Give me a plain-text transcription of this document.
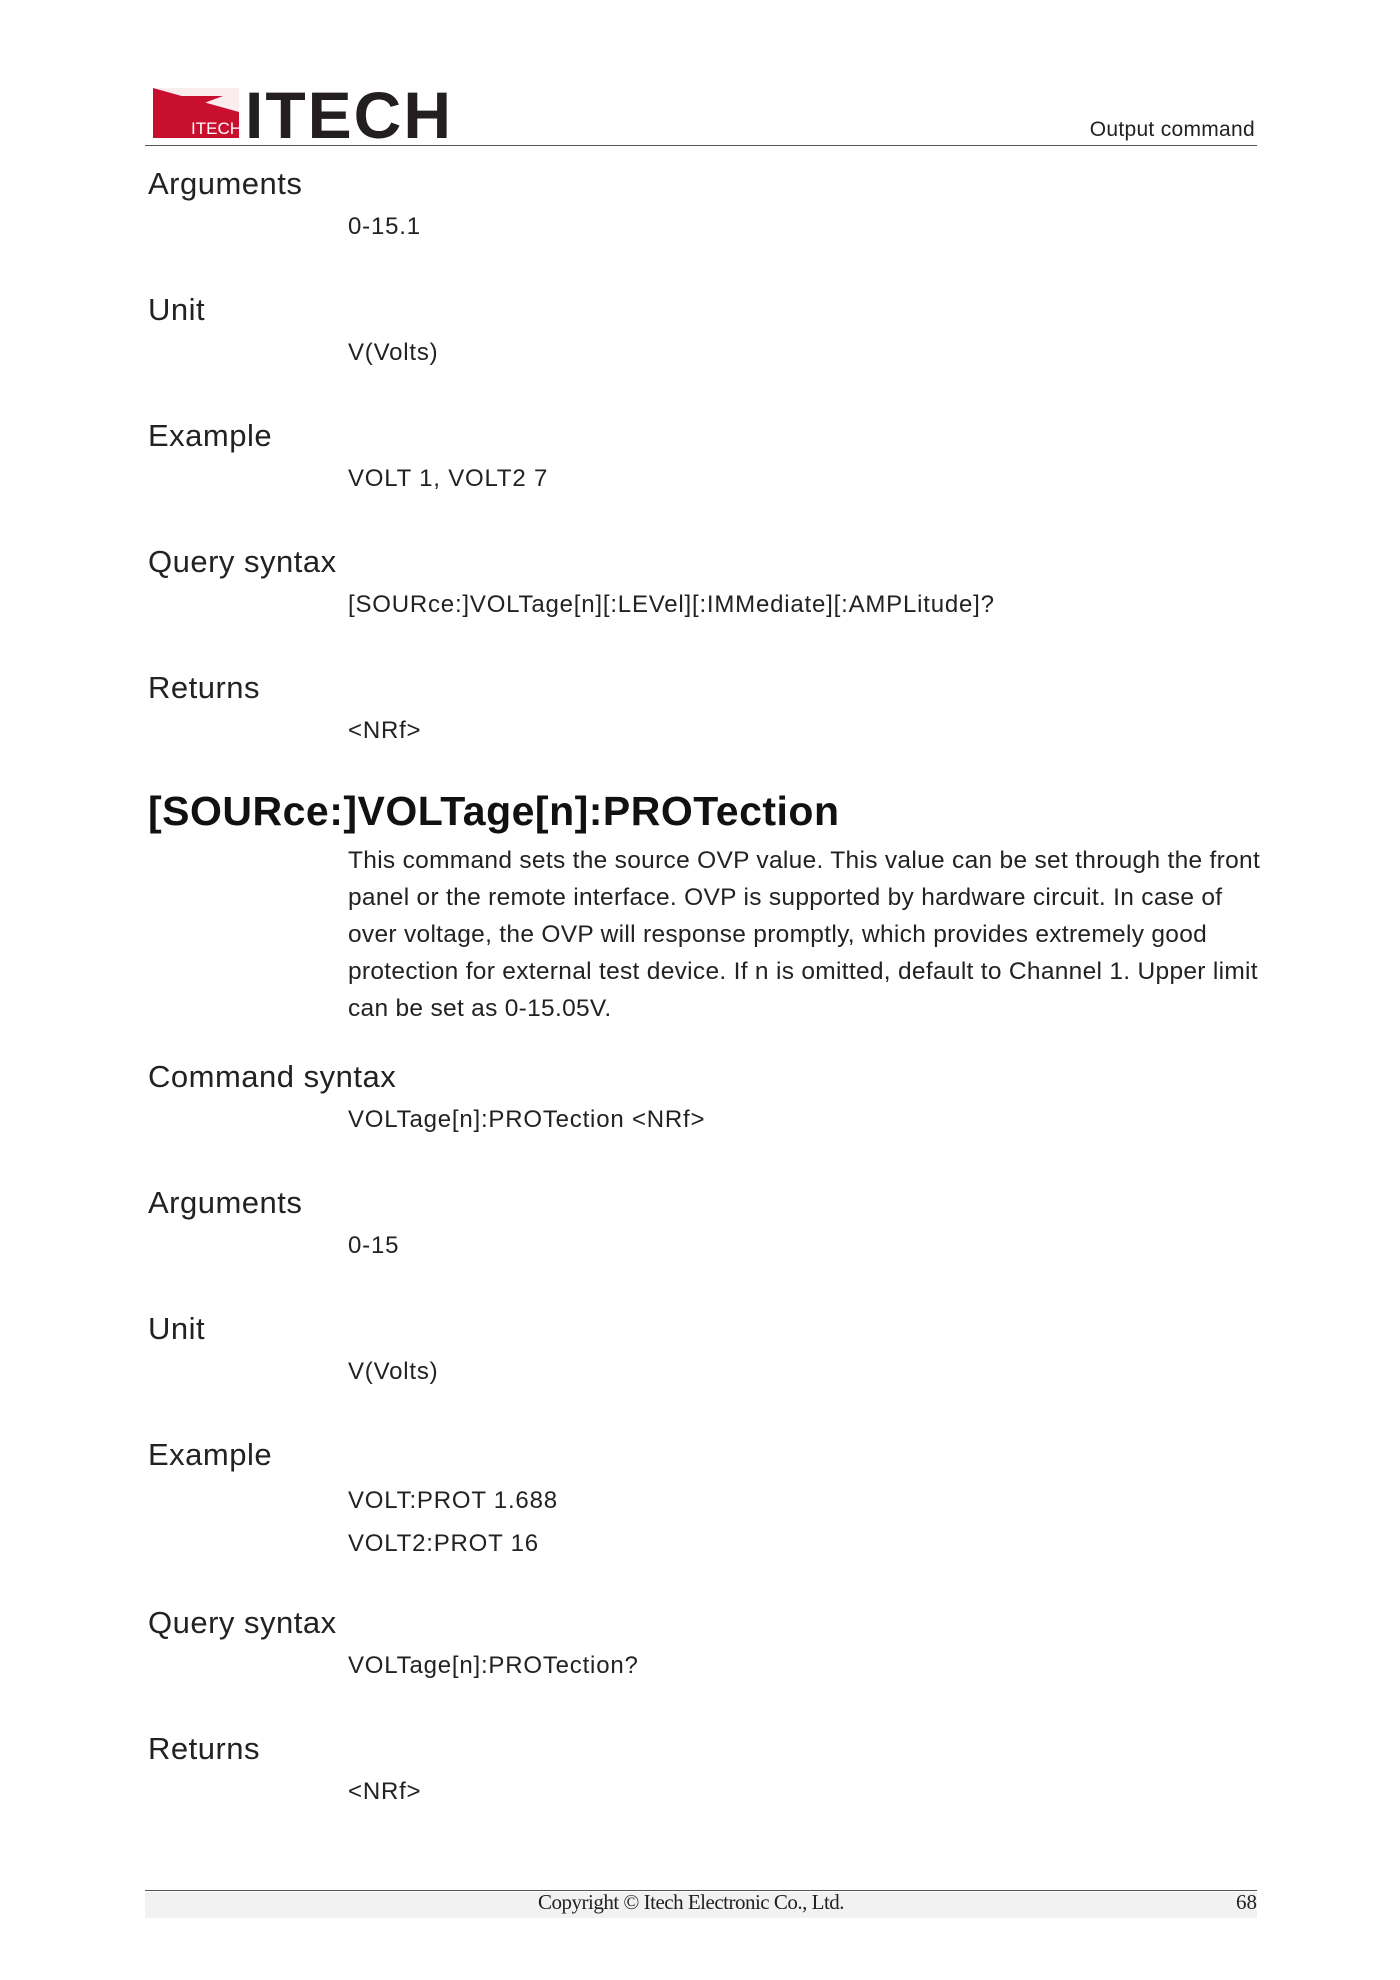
ITECH ITECH	Output command
Arguments
0-15.1
Unit
V(Volts)
Example
VOLT 1, VOLT2 7
Query syntax
[SOURce:]VOLTage[n][:LEVel][:IMMediate][:AMPLitude]?
Returns
<NRf>
[SOURce:]VOLTage[n]:PROTection

This command sets the source OVP value. This value can be set through the front panel or the remote interface. OVP is supported by hardware circuit. In case of over voltage, the OVP will response promptly, which provides extremely good protection for external test device. If n is omitted, default to Channel 1. Upper limit can be set as 0-15.05V.

Command syntax
VOLTage[n]:PROTection <NRf>
Arguments
0-15
Unit
V(Volts)
Example
VOLT:PROT 1.688
VOLT2:PROT 16
Query syntax
VOLTage[n]:PROTection?
Returns
<NRf>
Copyright © Itech Electronic Co., Ltd.	68
